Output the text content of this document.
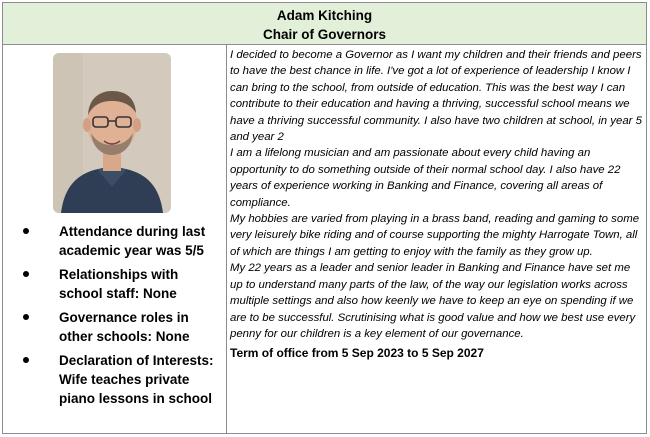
Adam Kitching
Chair of Governors
Attendance during last academic year was 5/5
Relationships with school staff: None
Governance roles in other schools: None
Declaration of Interests: Wife teaches private piano lessons in school

I decided to become a Governor as I want my children and their friends and peers to have the best chance in life. I've got a lot of experience of leadership I know I can bring to the school, from outside of education. This was the best way I can contribute to their education and having a thriving, successful school means we have a thriving successful community. I also have two children at school, in year 5 and year 2

I am a lifelong musician and am passionate about every child having an opportunity to do something outside of their normal school day. I also have 22 years of experience working in Banking and Finance, covering all areas of compliance.

My hobbies are varied from playing in a brass band, reading and gaming to some very leisurely bike riding and of course supporting the mighty Harrogate Town, all of which are things I am getting to enjoy with the family as they grow up.

My 22 years as a leader and senior leader in Banking and Finance have set me up to understand many parts of the law, of the way our legislation works across multiple settings and also how keenly we have to keep an eye on spending if we are to be successful. Scrutinising what is good value and how we best use every penny for our children is a key element of our governance.

Term of office from 5 Sep 2023 to 5 Sep 2027
